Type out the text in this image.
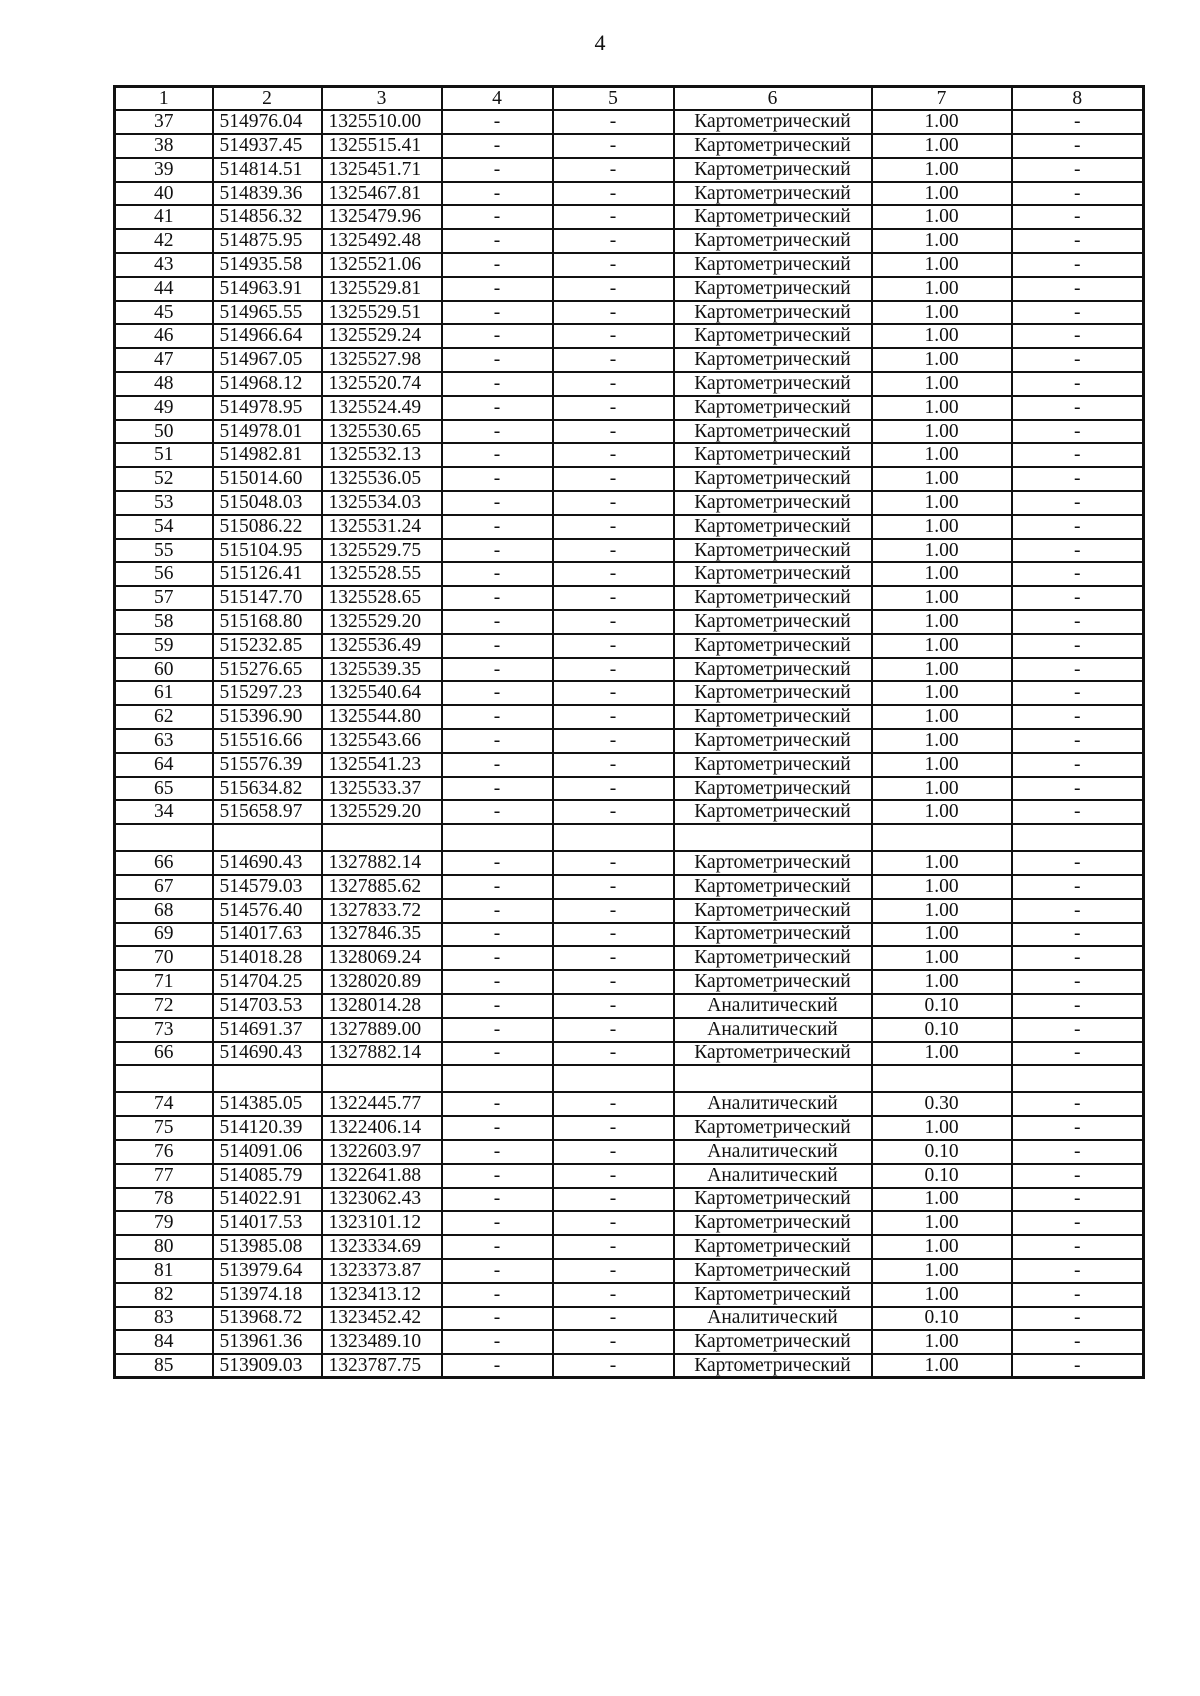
4
1	2	3	4	5	6	7	8
37	514976.04	1325510.00	-	-	Картометрический	1.00	-
38	514937.45	1325515.41	-	-	Картометрический	1.00	-
39	514814.51	1325451.71	-	-	Картометрический	1.00	-
40	514839.36	1325467.81	-	-	Картометрический	1.00	-
41	514856.32	1325479.96	-	-	Картометрический	1.00	-
42	514875.95	1325492.48	-	-	Картометрический	1.00	-
43	514935.58	1325521.06	-	-	Картометрический	1.00	-
44	514963.91	1325529.81	-	-	Картометрический	1.00	-
45	514965.55	1325529.51	-	-	Картометрический	1.00	-
46	514966.64	1325529.24	-	-	Картометрический	1.00	-
47	514967.05	1325527.98	-	-	Картометрический	1.00	-
48	514968.12	1325520.74	-	-	Картометрический	1.00	-
49	514978.95	1325524.49	-	-	Картометрический	1.00	-
50	514978.01	1325530.65	-	-	Картометрический	1.00	-
51	514982.81	1325532.13	-	-	Картометрический	1.00	-
52	515014.60	1325536.05	-	-	Картометрический	1.00	-
53	515048.03	1325534.03	-	-	Картометрический	1.00	-
54	515086.22	1325531.24	-	-	Картометрический	1.00	-
55	515104.95	1325529.75	-	-	Картометрический	1.00	-
56	515126.41	1325528.55	-	-	Картометрический	1.00	-
57	515147.70	1325528.65	-	-	Картометрический	1.00	-
58	515168.80	1325529.20	-	-	Картометрический	1.00	-
59	515232.85	1325536.49	-	-	Картометрический	1.00	-
60	515276.65	1325539.35	-	-	Картометрический	1.00	-
61	515297.23	1325540.64	-	-	Картометрический	1.00	-
62	515396.90	1325544.80	-	-	Картометрический	1.00	-
63	515516.66	1325543.66	-	-	Картометрический	1.00	-
64	515576.39	1325541.23	-	-	Картометрический	1.00	-
65	515634.82	1325533.37	-	-	Картометрический	1.00	-
34	515658.97	1325529.20	-	-	Картометрический	1.00	-

66	514690.43	1327882.14	-	-	Картометрический	1.00	-
67	514579.03	1327885.62	-	-	Картометрический	1.00	-
68	514576.40	1327833.72	-	-	Картометрический	1.00	-
69	514017.63	1327846.35	-	-	Картометрический	1.00	-
70	514018.28	1328069.24	-	-	Картометрический	1.00	-
71	514704.25	1328020.89	-	-	Картометрический	1.00	-
72	514703.53	1328014.28	-	-	Аналитический	0.10	-
73	514691.37	1327889.00	-	-	Аналитический	0.10	-
66	514690.43	1327882.14	-	-	Картометрический	1.00	-

74	514385.05	1322445.77	-	-	Аналитический	0.30	-
75	514120.39	1322406.14	-	-	Картометрический	1.00	-
76	514091.06	1322603.97	-	-	Аналитический	0.10	-
77	514085.79	1322641.88	-	-	Аналитический	0.10	-
78	514022.91	1323062.43	-	-	Картометрический	1.00	-
79	514017.53	1323101.12	-	-	Картометрический	1.00	-
80	513985.08	1323334.69	-	-	Картометрический	1.00	-
81	513979.64	1323373.87	-	-	Картометрический	1.00	-
82	513974.18	1323413.12	-	-	Картометрический	1.00	-
83	513968.72	1323452.42	-	-	Аналитический	0.10	-
84	513961.36	1323489.10	-	-	Картометрический	1.00	-
85	513909.03	1323787.75	-	-	Картометрический	1.00	-
